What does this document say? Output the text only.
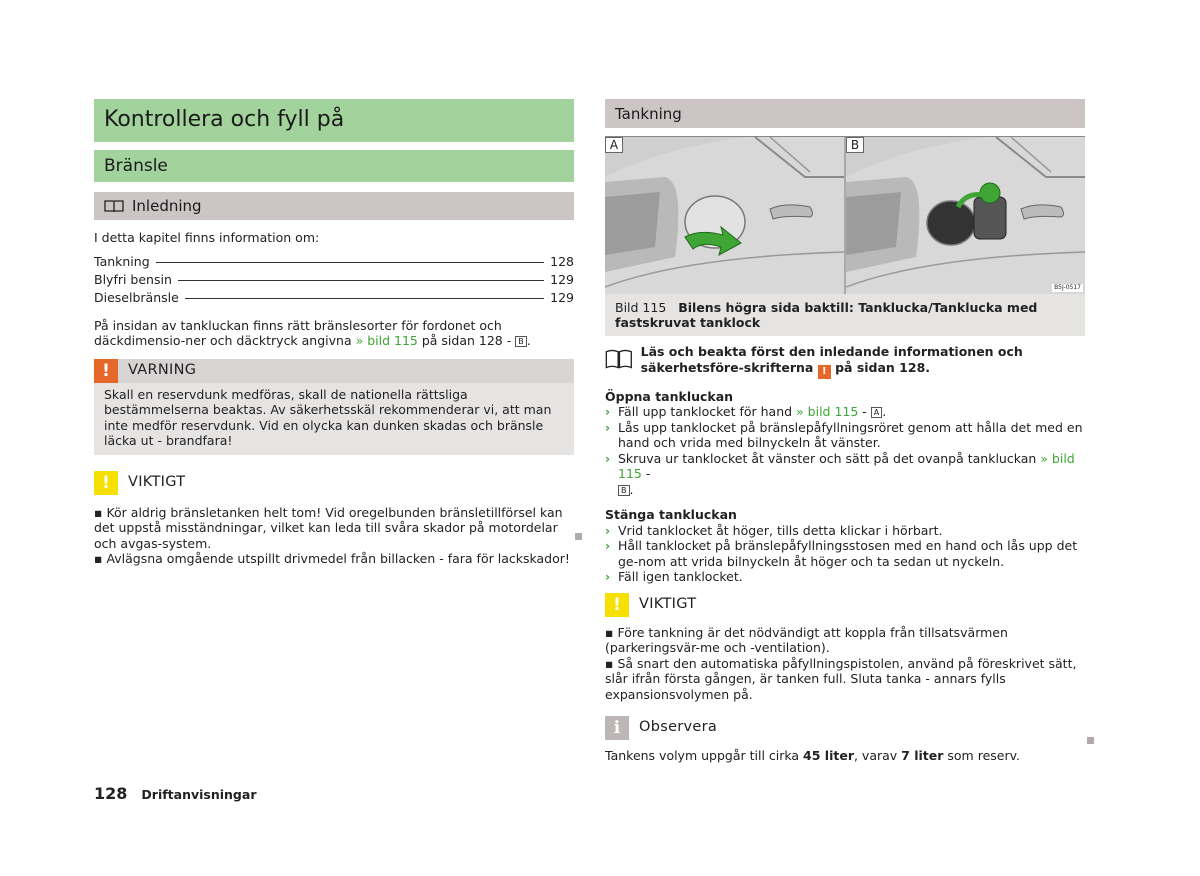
Kontrollera och fyll på
Bränsle
Inledning

I detta kapitel finns information om:

Tankning	128
Blyfri bensin	129
Dieselbränsle	129

På insidan av tankluckan finns rätt bränslesorter för fordonet och däckdimensio-ner och däcktryck angivna » bild 115 på sidan 128 - B .

!	VARNING
Skall en reservdunk medföras, skall de nationella rättsliga bestämmelserna beaktas. Av säkerhetsskäl rekommenderar vi, att man inte medför reservdunk. Vid en olycka kan dunken skadas och bränsle läcka ut - brandfara!
!	VIKTIGT
▪ Kör aldrig bränsletanken helt tom! Vid oregelbunden bränsletillförsel kan det uppstå misständningar, vilket kan leda till svåra skador på motordelar och avgas-system.
▪ Avlägsna omgående utspillt drivmedel från billacken - fara för lackskador!
Tankning
A	B
B5J-0517
Bild 115 Bilens högra sida baktill: Tanklucka/Tanklucka med fastskruvat tanklock
Läs och beakta först den inledande informationen och säkerhetsföre-skrifterna ! på sidan 128.
Öppna tankluckan
› Fäll upp tanklocket för hand » bild 115 - A .
› Lås upp tanklocket på bränslepåfyllningsröret genom att hålla det med en hand och vrida med bilnyckeln åt vänster.
› Skruva ur tanklocket åt vänster och sätt på det ovanpå tankluckan » bild 115 -
B .
Stänga tankluckan
› Vrid tanklocket åt höger, tills detta klickar i hörbart.
› Håll tanklocket på bränslepåfyllningsstosen med en hand och lås upp det ge-nom att vrida bilnyckeln åt höger och ta sedan ut nyckeln.
› Fäll igen tanklocket.
!	VIKTIGT
▪ Före tankning är det nödvändigt att koppla från tillsatsvärmen (parkeringsvär-me och -ventilation).
▪ Så snart den automatiska påfyllningspistolen, använd på föreskrivet sätt, slår ifrån första gången, är tanken full. Sluta tanka - annars fylls expansionsvolymen på.
i	Observera

Tankens volym uppgår till cirka 45 liter, varav 7 liter som reserv.

128 Driftanvisningar
